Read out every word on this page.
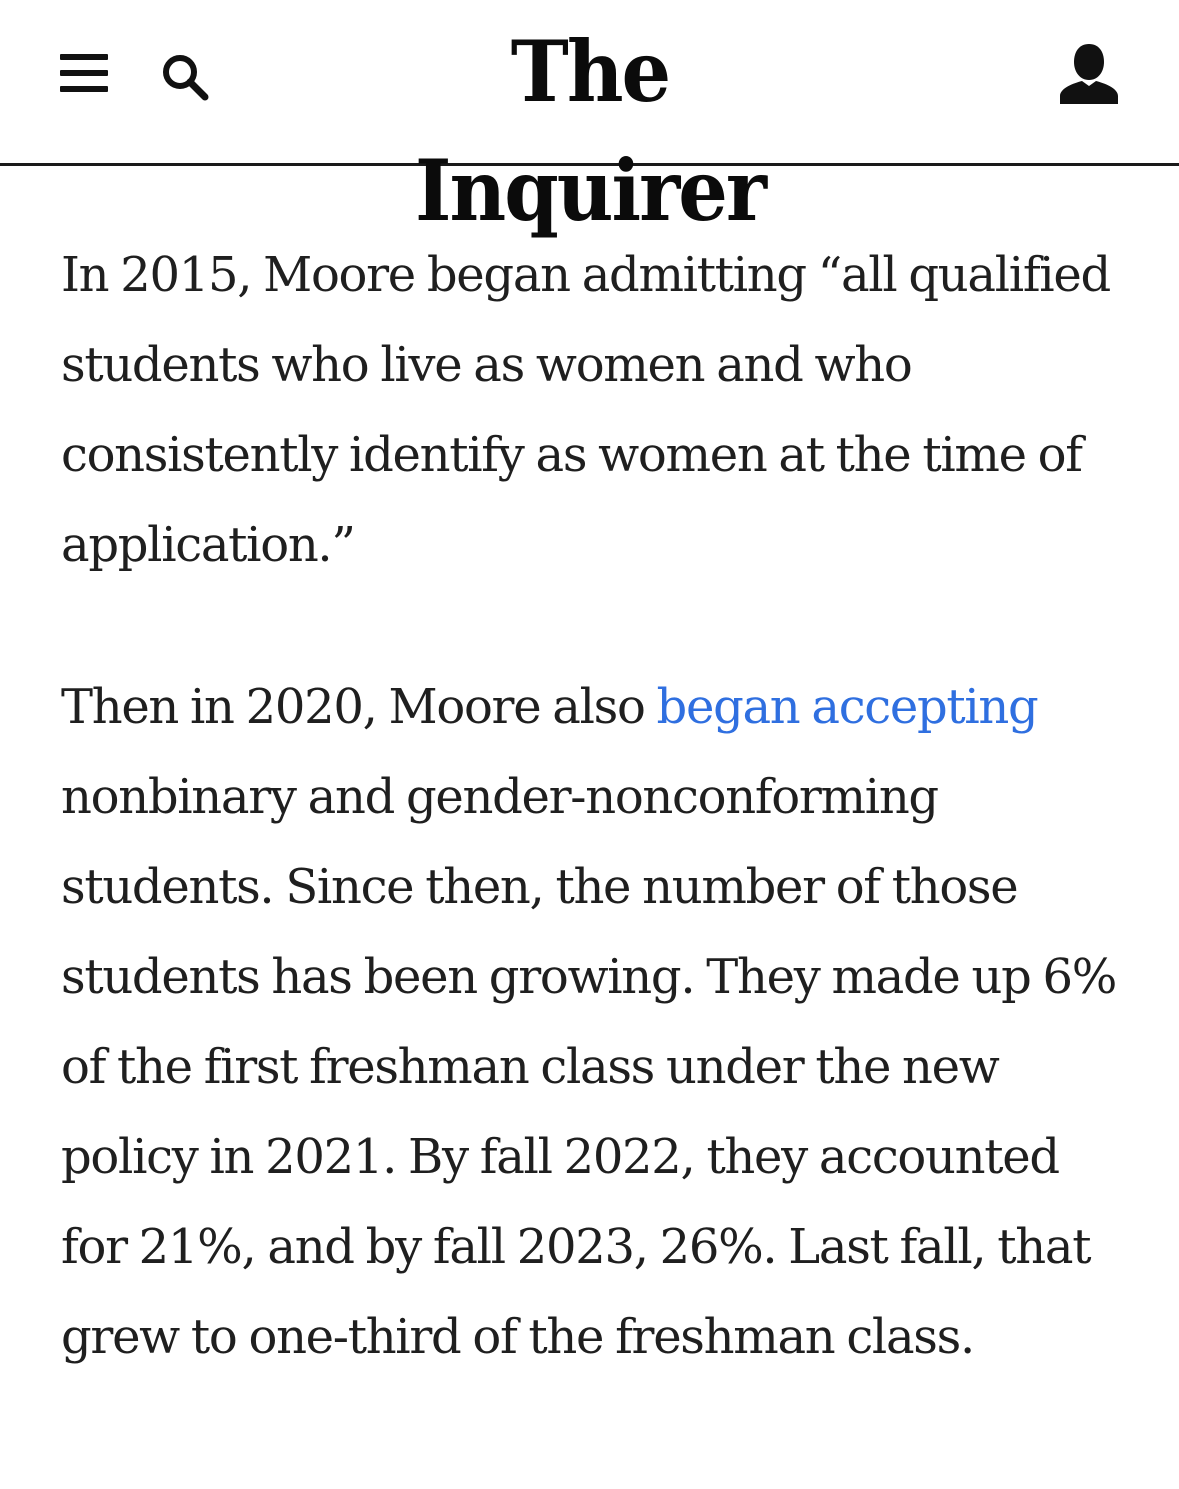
The Inquirer

In 2015, Moore began admitting “all qualified students who live as women and who consistently identify as women at the time of application.”

Then in 2020, Moore also began accepting nonbinary and gender-nonconforming students. Since then, the number of those students has been growing. They made up 6% of the first freshman class under the new policy in 2021. By fall 2022, they accounted for 21%, and by fall 2023, 26%. Last fall, that grew to one-third of the freshman class.
